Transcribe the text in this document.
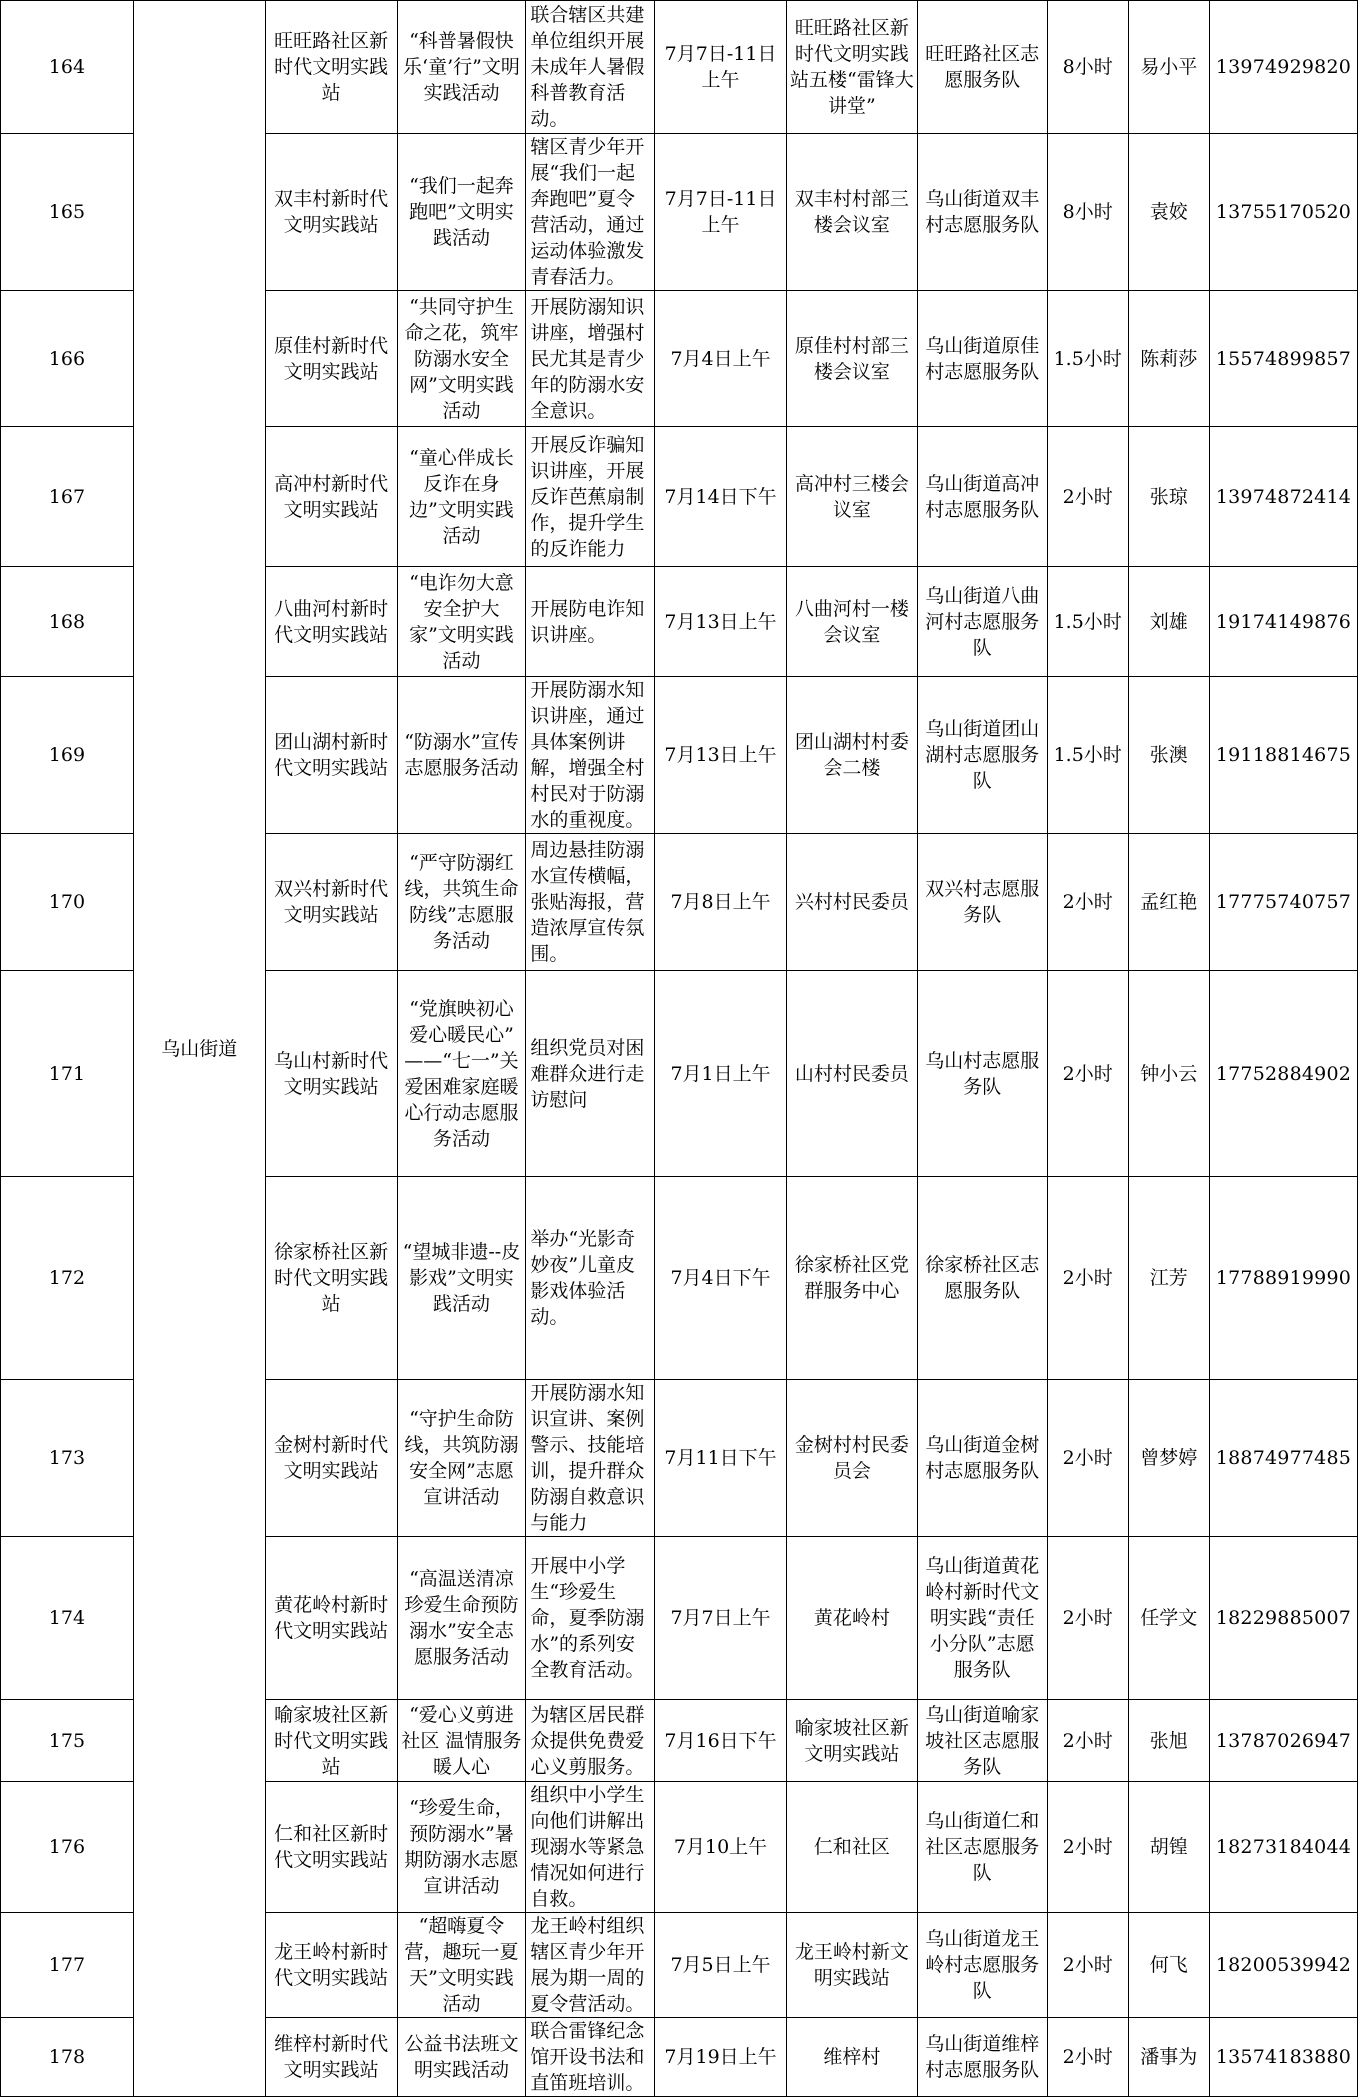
164	乌山街道	旺旺路社区新时代文明实践站	“科普暑假快乐‘童’行”文明实践活动	联合辖区共建单位组织开展未成年人暑假科普教育活动。	7月7日-11日上午	旺旺路社区新时代文明实践站五楼“雷锋大讲堂”	旺旺路社区志愿服务队	8小时	易小平	13974929820
165		双丰村新时代文明实践站	“我们一起奔跑吧”文明实践活动	辖区青少年开展“我们一起奔跑吧”夏令营活动，通过运动体验激发青春活力。	7月7日-11日上午	双丰村村部三楼会议室	乌山街道双丰村志愿服务队	8小时	袁姣	13755170520
166		原佳村新时代文明实践站	“共同守护生命之花，筑牢防溺水安全网”文明实践活动	开展防溺知识讲座，增强村民尤其是青少年的防溺水安全意识。	7月4日上午	原佳村村部三楼会议室	乌山街道原佳村志愿服务队	1.5小时	陈莉莎	15574899857
167		高冲村新时代文明实践站	“童心伴成长 反诈在身边”文明实践活动	开展反诈骗知识讲座，开展反诈芭蕉扇制作，提升学生的反诈能力	7月14日下午	高冲村三楼会议室	乌山街道高冲村志愿服务队	2小时	张琼	13974872414
168		八曲河村新时代文明实践站	“电诈勿大意 安全护大家”文明实践活动	开展防电诈知识讲座。	7月13日上午	八曲河村一楼会议室	乌山街道八曲河村志愿服务队	1.5小时	刘雄	19174149876
169		团山湖村新时代文明实践站	“防溺水”宣传志愿服务活动	开展防溺水知识讲座，通过具体案例讲解，增强全村村民对于防溺水的重视度。	7月13日上午	团山湖村村委会二楼	乌山街道团山湖村志愿服务队	1.5小时	张澳	19118814675
170		双兴村新时代文明实践站	“严守防溺红线，共筑生命防线”志愿服务活动	周边悬挂防溺水宣传横幅，张贴海报，营造浓厚宣传氛围。	7月8日上午	兴村村民委员	双兴村志愿服务队	2小时	孟红艳	17775740757
171		乌山村新时代文明实践站	“党旗映初心 爱心暖民心” ——“七一”关爱困难家庭暖心行动志愿服务活动	组织党员对困难群众进行走访慰问	7月1日上午	山村村民委员	乌山村志愿服务队	2小时	钟小云	17752884902
172		徐家桥社区新时代文明实践站	“望城非遗--皮影戏”文明实践活动	举办“光影奇妙夜”儿童皮影戏体验活动。	7月4日下午	徐家桥社区党群服务中心	徐家桥社区志愿服务队	2小时	江芳	17788919990
173		金树村新时代文明实践站	“守护生命防线，共筑防溺安全网”志愿宣讲活动	开展防溺水知识宣讲、案例警示、技能培训，提升群众防溺自救意识与能力	7月11日下午	金树村村民委员会	乌山街道金树村志愿服务队	2小时	曾梦婷	18874977485
174		黄花岭村新时代文明实践站	“高温送清凉 珍爱生命预防溺水”安全志愿服务活动	开展中小学生“珍爱生命，夏季防溺水”的系列安全教育活动。	7月7日上午	黄花岭村	乌山街道黄花岭村新时代文明实践“责任小分队”志愿服务队	2小时	任学文	18229885007
175		喻家坡社区新时代文明实践站	“爱心义剪进社区 温情服务暖人心	为辖区居民群众提供免费爱心义剪服务。	7月16日下午	喻家坡社区新文明实践站	乌山街道喻家坡社区志愿服务队	2小时	张旭	13787026947
176		仁和社区新时代文明实践站	“珍爱生命，预防溺水”暑期防溺水志愿宣讲活动	组织中小学生向他们讲解出现溺水等紧急情况如何进行自救。	7月10上午	仁和社区	乌山街道仁和社区志愿服务队	2小时	胡锽	18273184044
177		龙王岭村新时代文明实践站	“超嗨夏令营，趣玩一夏天”文明实践活动	龙王岭村组织辖区青少年开展为期一周的夏令营活动。	7月5日上午	龙王岭村新文明实践站	乌山街道龙王岭村志愿服务队	2小时	何飞	18200539942
178		维梓村新时代文明实践站	公益书法班文明实践活动	联合雷锋纪念馆开设书法和直笛班培训。	7月19日上午	维梓村	乌山街道维梓村志愿服务队	2小时	潘事为	13574183880
